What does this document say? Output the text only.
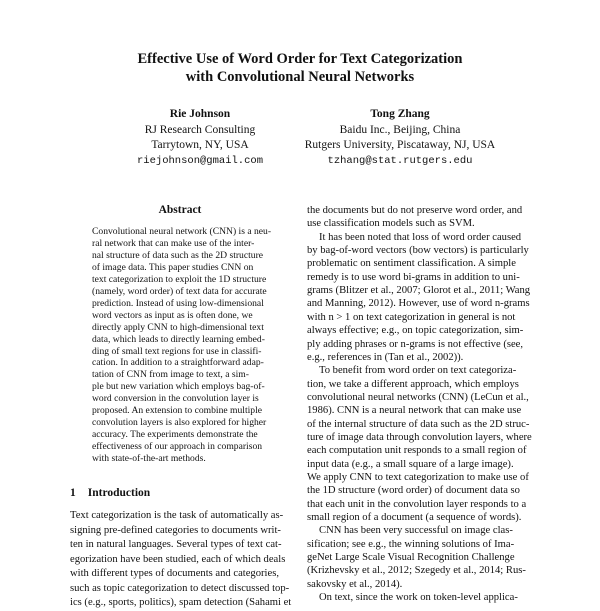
Effective Use of Word Order for Text Categorization
with Convolutional Neural Networks
Rie Johnson
RJ Research Consulting
Tarrytown, NY, USA
riejohnson@gmail.com
Tong Zhang
Baidu Inc., Beijing, China
Rutgers University, Piscataway, NJ, USA
tzhang@stat.rutgers.edu
Abstract
Convolutional neural network (CNN) is a neu-
ral network that can make use of the inter-
nal structure of data such as the 2D structure
of image data. This paper studies CNN on
text categorization to exploit the 1D structure
(namely, word order) of text data for accurate
prediction. Instead of using low-dimensional
word vectors as input as is often done, we
directly apply CNN to high-dimensional text
data, which leads to directly learning embed-
ding of small text regions for use in classifi-
cation. In addition to a straightforward adap-
tation of CNN from image to text, a sim-
ple but new variation which employs bag-of-
word conversion in the convolution layer is
proposed. An extension to combine multiple
convolution layers is also explored for higher
accuracy. The experiments demonstrate the
effectiveness of our approach in comparison
with state-of-the-art methods.
1 Introduction
Text categorization is the task of automatically as-
signing pre-defined categories to documents writ-
ten in natural languages. Several types of text cat-
egorization have been studied, each of which deals
with different types of documents and categories,
such as topic categorization to detect discussed top-
ics (e.g., sports, politics), spam detection (Sahami et
the documents but do not preserve word order, and
use classification models such as SVM.
It has been noted that loss of word order caused
by bag-of-word vectors (bow vectors) is particularly
problematic on sentiment classification. A simple
remedy is to use word bi-grams in addition to uni-
grams (Blitzer et al., 2007; Glorot et al., 2011; Wang
and Manning, 2012). However, use of word n-grams
with n > 1 on text categorization in general is not
always effective; e.g., on topic categorization, sim-
ply adding phrases or n-grams is not effective (see,
e.g., references in (Tan et al., 2002)).
To benefit from word order on text categoriza-
tion, we take a different approach, which employs
convolutional neural networks (CNN) (LeCun et al.,
1986). CNN is a neural network that can make use
of the internal structure of data such as the 2D struc-
ture of image data through convolution layers, where
each computation unit responds to a small region of
input data (e.g., a small square of a large image).
We apply CNN to text categorization to make use of
the 1D structure (word order) of document data so
that each unit in the convolution layer responds to a
small region of a document (a sequence of words).
CNN has been very successful on image clas-
sification; see e.g., the winning solutions of Ima-
geNet Large Scale Visual Recognition Challenge
(Krizhevsky et al., 2012; Szegedy et al., 2014; Rus-
sakovsky et al., 2014).
On text, since the work on token-level applica-
